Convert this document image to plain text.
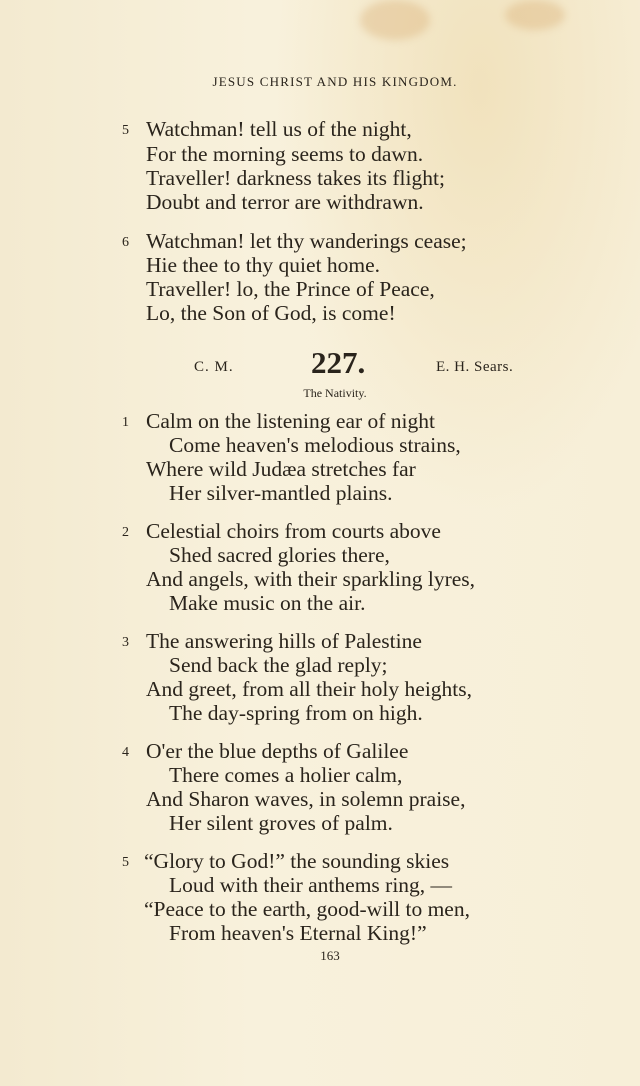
JESUS CHRIST AND HIS KINGDOM.
5 Watchman! tell us of the night,
For the morning seems to dawn.
Traveller! darkness takes its flight;
Doubt and terror are withdrawn.
6 Watchman! let thy wanderings cease;
Hie thee to thy quiet home.
Traveller! lo, the Prince of Peace,
Lo, the Son of God, is come!
C. M. 227.	E. H. Sears.
The Nativity.
1 Calm on the listening ear of night
Come heaven's melodious strains,
Where wild Judæa stretches far
Her silver-mantled plains.
2 Celestial choirs from courts above
Shed sacred glories there,
And angels, with their sparkling lyres,
Make music on the air.
3 The answering hills of Palestine
Send back the glad reply;
And greet, from all their holy heights,
The day-spring from on high.
4 O'er the blue depths of Galilee
There comes a holier calm,
And Sharon waves, in solemn praise,
Her silent groves of palm.
5 “Glory to God!” the sounding skies
Loud with their anthems ring, —
“Peace to the earth, good-will to men,
From heaven's Eternal King!”
163
